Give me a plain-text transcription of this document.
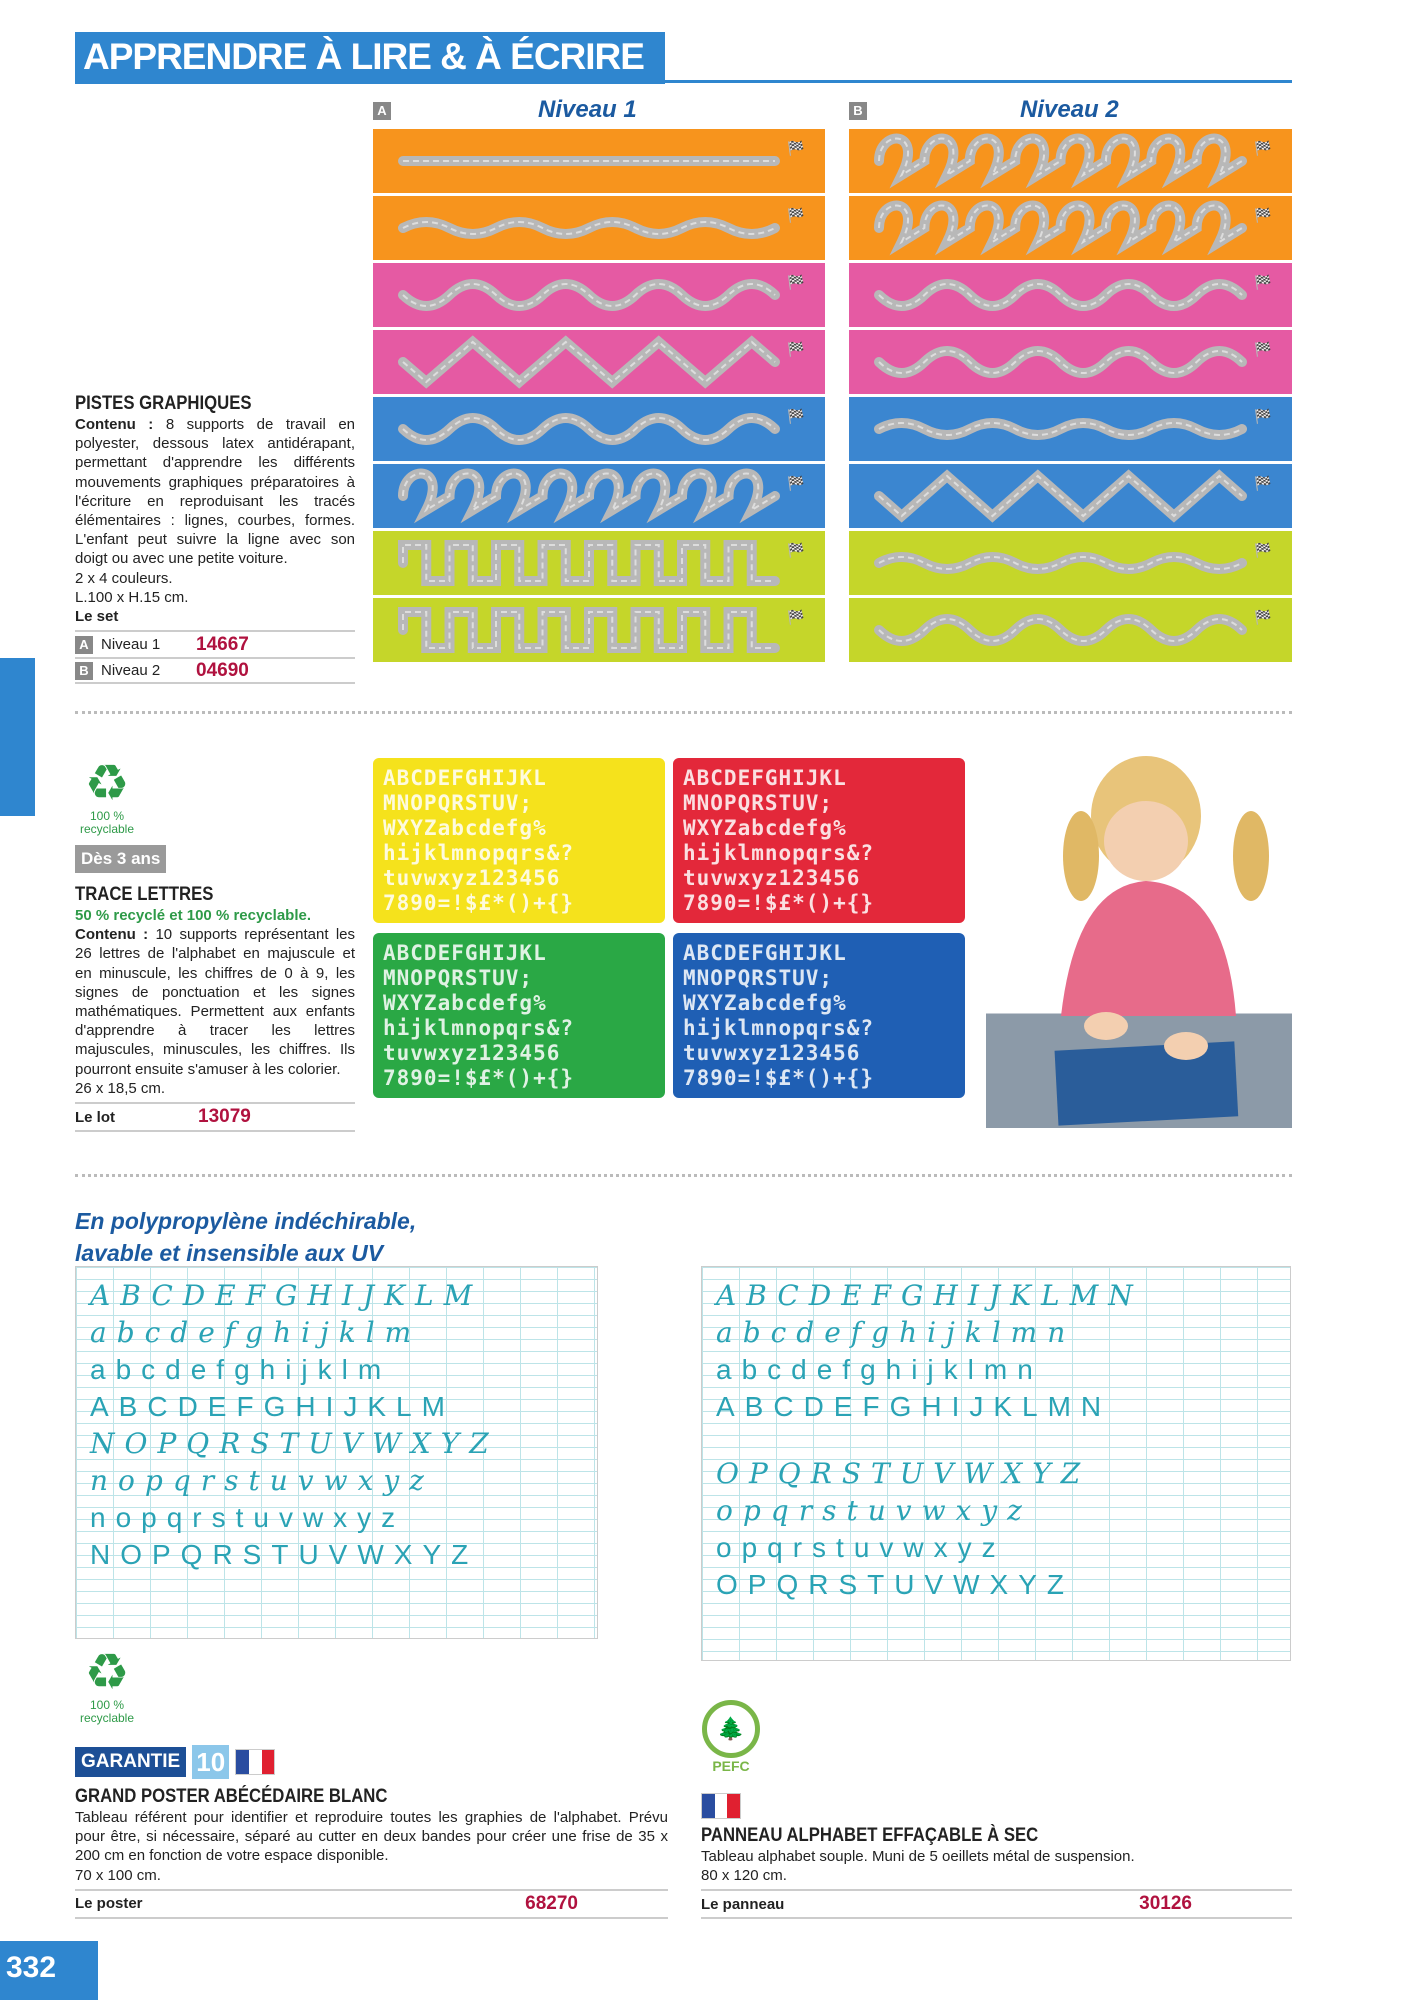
APPRENDRE À LIRE & À ÉCRIRE
A	Niveau 1	B	Niveau 2
🏁
🏁
🏁
🏁
🏁
🏁
🏁
🏁
🏁
🏁
🏁
🏁
🏁
🏁
🏁
🏁
PISTES GRAPHIQUES
Contenu : 8 supports de travail en polyester, dessous latex antidérapant, permettant d'apprendre les différents mouvements graphiques préparatoires à l'écriture en reproduisant les tracés élémentaires : lignes, courbes, formes. L'enfant peut suivre la ligne avec son doigt ou avec une petite voiture.
2 x 4 couleurs.
L.100 x H.15 cm.
Le set
A Niveau 1	14667
B Niveau 2	04690
♻
100 % recyclable
Dès 3 ans
TRACE LETTRES
50 % recyclé et 100 % recyclable.
Contenu : 10 supports représentant les 26 lettres de l'alphabet en majuscule et en minuscule, les chiffres de 0 à 9, les signes de ponctuation et les signes mathématiques. Permettent aux enfants d'apprendre à tracer les lettres majuscules, minuscules, les chiffres. Ils pourront ensuite s'amuser à les colorier.
26 x 18,5 cm.
Le lot	13079
ABCDEFGHIJKL
MNOPQRSTUV;
WXYZabcdefg%
hijklmnopqrs&?
tuvwxyz123456
7890=!$£*()+{}
ABCDEFGHIJKL
MNOPQRSTUV;
WXYZabcdefg%
hijklmnopqrs&?
tuvwxyz123456
7890=!$£*()+{}
ABCDEFGHIJKL
MNOPQRSTUV;
WXYZabcdefg%
hijklmnopqrs&?
tuvwxyz123456
7890=!$£*()+{}
ABCDEFGHIJKL
MNOPQRSTUV;
WXYZabcdefg%
hijklmnopqrs&?
tuvwxyz123456
7890=!$£*()+{}
En polypropylène indéchirable,
lavable et insensible aux UV
ABCDEFGHIJKLM
abcdefghijklm
abcdefghijklm
ABCDEFGHIJKLM
NOPQRSTUVWXYZ
nopqrstuvwxyz
nopqrstuvwxyz
NOPQRSTUVWXYZ
ABCDEFGHIJKLMN
abcdefghijklmn
abcdefghijklmn
ABCDEFGHIJKLMN
OPQRSTUVWXYZ
opqrstuvwxyz
opqrstuvwxyz
OPQRSTUVWXYZ
♻
100 % recyclable
GARANTIE 10
GRAND POSTER ABÉCÉDAIRE BLANC
Tableau référent pour identifier et reproduire toutes les graphies de l'alphabet. Prévu pour être, si nécessaire, séparé au cutter en deux bandes pour créer une frise de 35 x 200 cm en fonction de votre espace disponible.
70 x 100 cm.
Le poster	68270
🌲
PEFC
PANNEAU ALPHABET EFFAÇABLE À SEC
Tableau alphabet souple. Muni de 5 oeillets métal de suspension.
80 x 120 cm.
Le panneau	30126
332
